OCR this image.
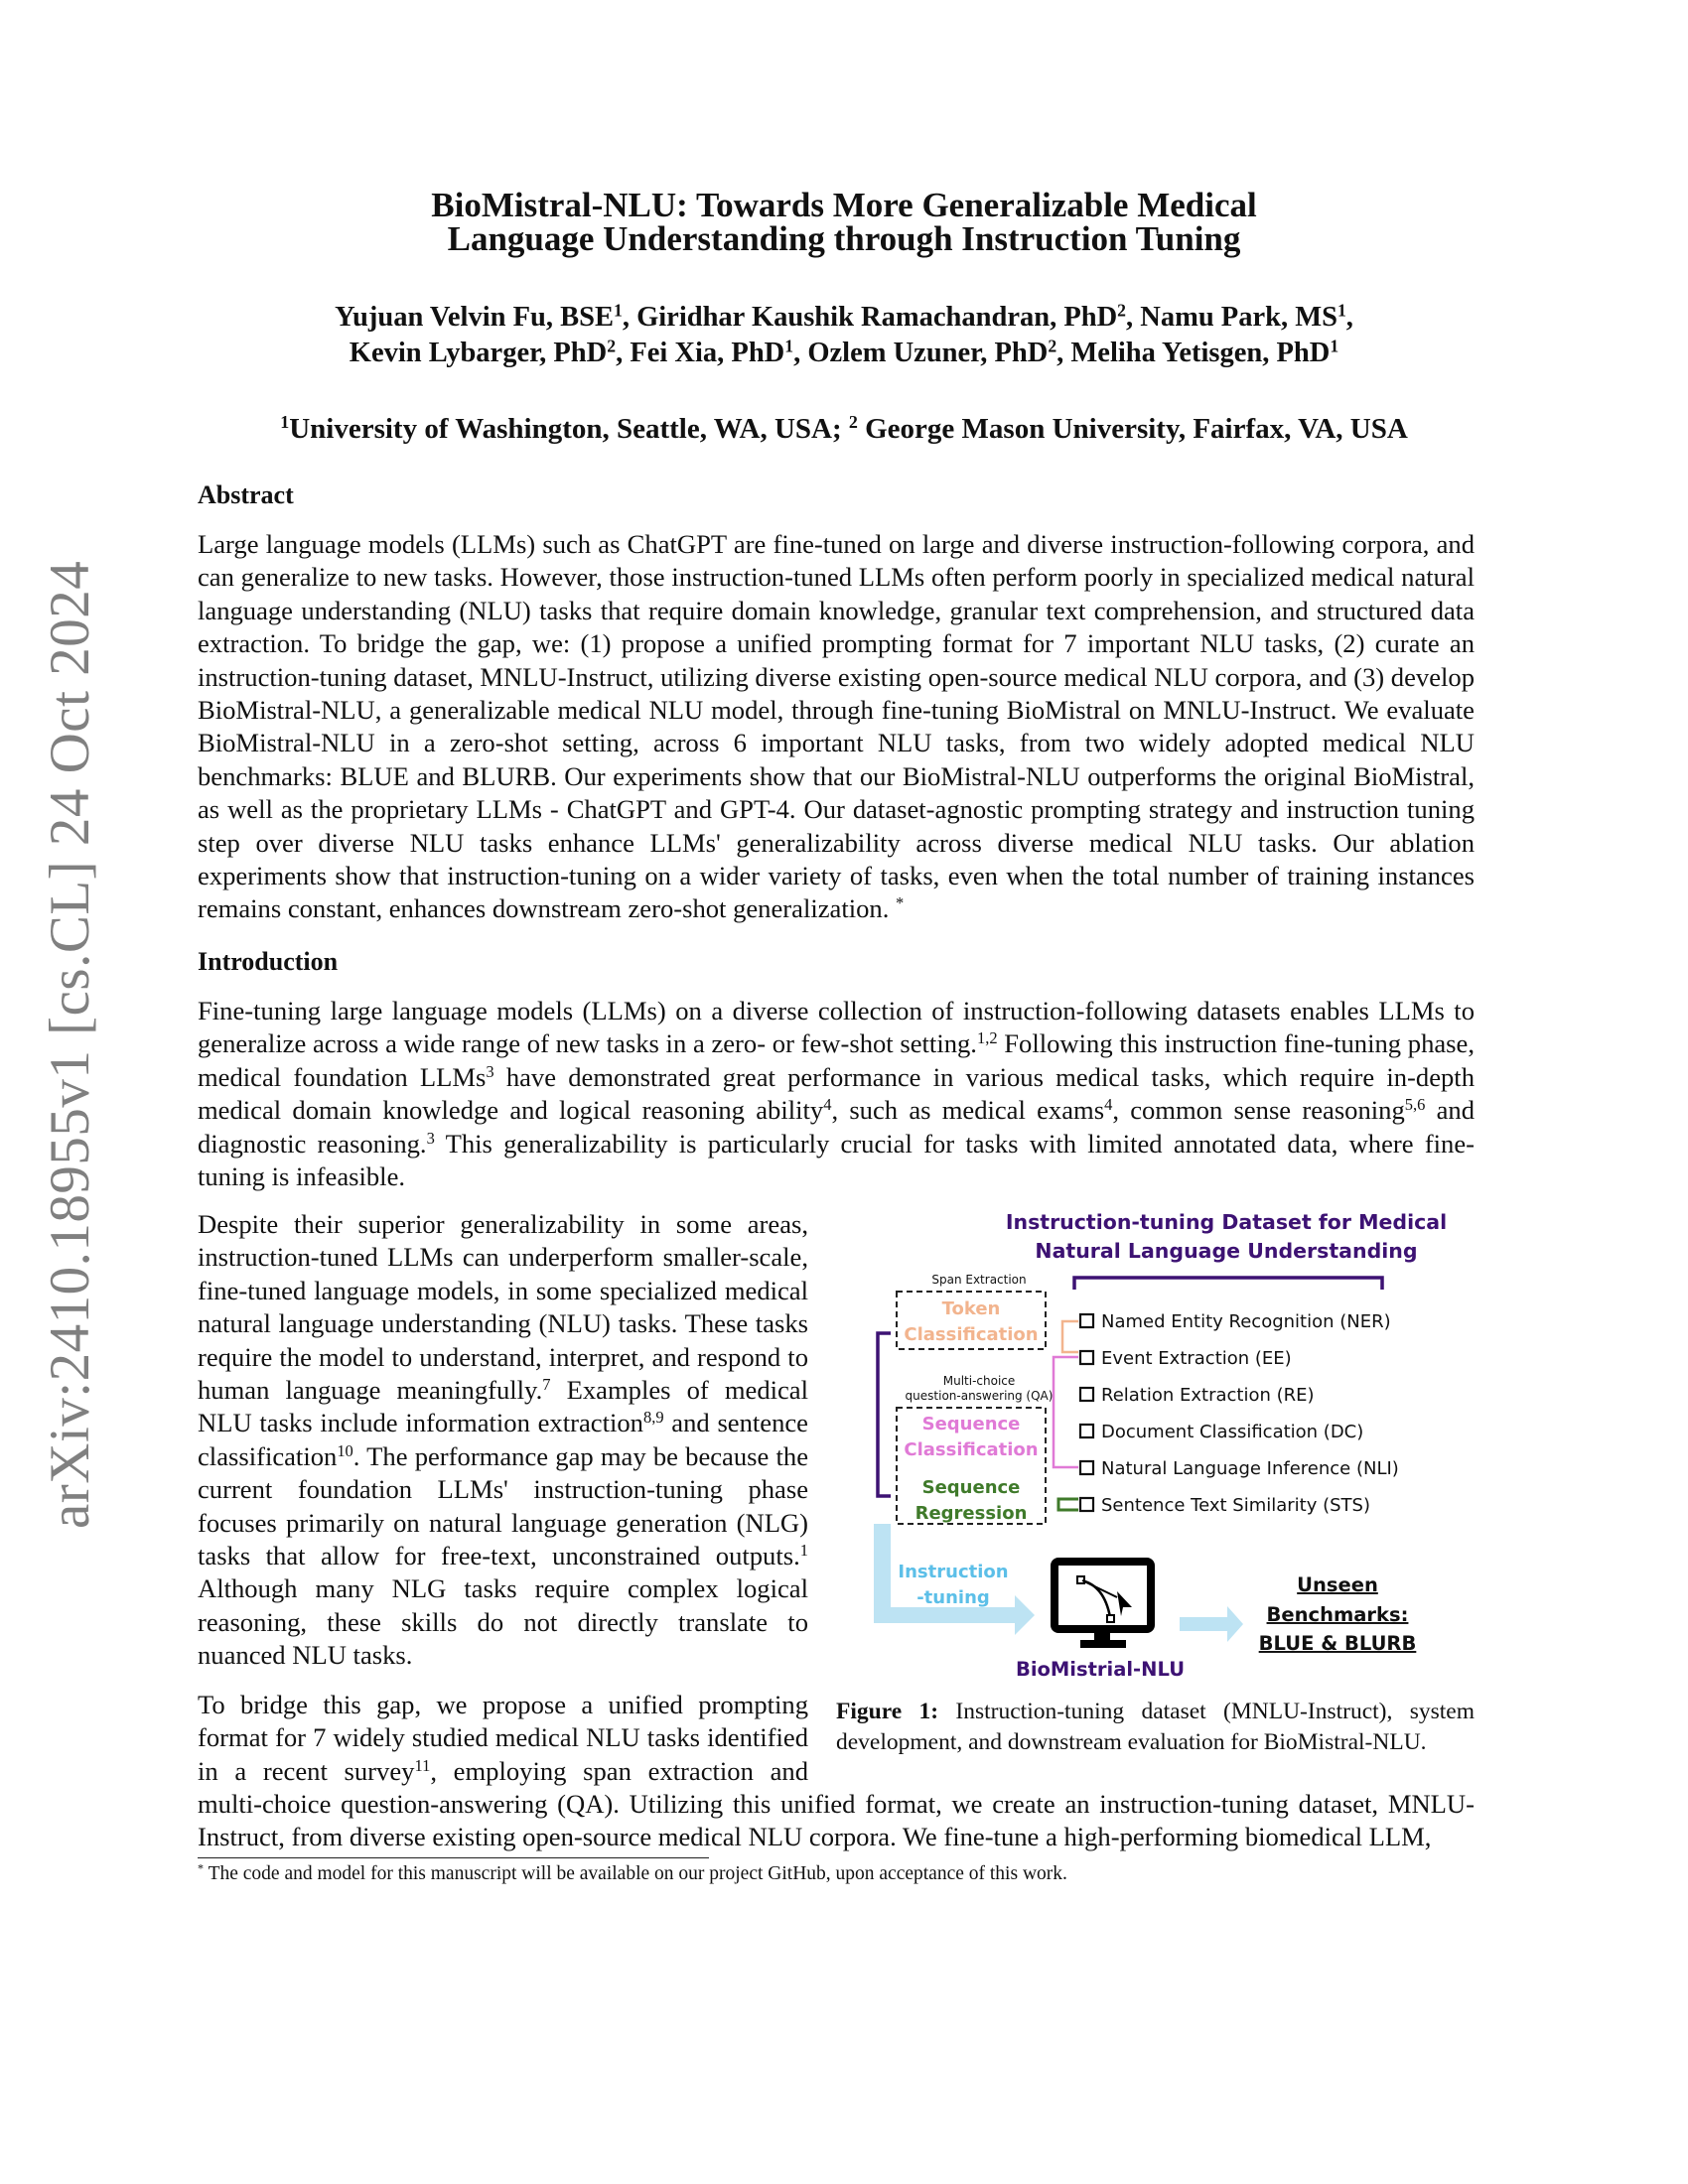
arXiv:2410.18955v1 [cs.CL] 24 Oct 2024
BioMistral-NLU: Towards More Generalizable Medical
Language Understanding through Instruction Tuning
Yujuan Velvin Fu, BSE$^1$, Giridhar Kaushik Ramachandran, PhD$^2$, Namu Park, $MS^1$,
Kevin Lybarger, PhD$^2$, Fei Xia, PhD$^1$, Ozlem Uzuner, PhD$^2$, Meliha Yetisgen, PhD$^1$
$^1$University of Washington, Seattle, WA, USA; $^2$ George Mason University, Fairfax, VA, USA
Abstract

Large language models (LLMs) such as ChatGPT are fine-tuned on large and diverse instruction-following corpora, and can generalize to new tasks. However, those instruction-tuned LLMs often perform poorly in specialized medical natural language understanding (NLU) tasks that require domain knowledge, granular text comprehension, and structured data extraction. To bridge the gap, we: (1) propose a unified prompting format for 7 important NLU tasks, (2) curate an instruction-tuning dataset, MNLU-Instruct, utilizing diverse existing open-source medical NLU corpora, and (3) develop BioMistral-NLU, a generalizable medical NLU model, through fine-tuning BioMistral on MNLU-Instruct. We evaluate BioMistral-NLU in a zero-shot setting, across 6 important NLU tasks, from two widely adopted medical NLU benchmarks: BLUE and BLURB. Our experiments show that our BioMistral-NLU outperforms the original BioMistral, as well as the proprietary LLMs - ChatGPT and GPT-4. Our dataset-agnostic prompting strategy and instruction tuning step over diverse NLU tasks enhance LLMs' generalizability across diverse medical NLU tasks. Our ablation experiments show that instruction-tuning on a wider variety of tasks, even when the total number of training instances remains constant, enhances downstream zero-shot generalization. *

Introduction

Fine-tuning large language models (LLMs) on a diverse collection of instruction-following datasets enables LLMs to generalize across a wide range of new tasks in a zero- or few-shot setting.$^{1,2}$ Following this instruction fine-tuning phase, medical foundation LLMs$^3$ have demonstrated great performance in various medical tasks, which require in-depth medical domain knowledge and logical reasoning ability$^4$, such as medical exams$^4$, common sense reasoning$^{5,6}$ and diagnostic reasoning.$^3$ This generalizability is particularly crucial for tasks with limited annotated data, where fine-tuning is infeasible.

Instruction-tuning Dataset for Medical
Natural Language Understanding
Span Extraction
Token
Classification
Multi-choice
question-answering (QA)
Sequence
Classification
Sequence
Regression
Named Entity Recognition (NER)
Event Extraction (EE)
Relation Extraction (RE)
Document Classification (DC)
Natural Language Inference (NLI)
Sentence Text Similarity (STS)
Instruction
-tuning
Unseen
Benchmarks:
BLUE & BLURB
BioMistrial-NLU
Figure 1: Instruction-tuning dataset (MNLU-Instruct), system development, and downstream evaluation for BioMistral-NLU.

Despite their superior generalizability in some areas, instruction-tuned LLMs can underperform smaller-scale, fine-tuned language models, in some specialized medical natural language understanding (NLU) tasks. These tasks require the model to understand, interpret, and respond to human language meaningfully.$^7$ Examples of medical NLU tasks include information extraction$^{8,9}$ and sentence classification$^{10}$. The performance gap may be because the current foundation LLMs' instruction-tuning phase focuses primarily on natural language generation (NLG) tasks that allow for free-text, unconstrained outputs.$^1$ Although many NLG tasks require complex logical reasoning, these skills do not directly translate to nuanced NLU tasks.

To bridge this gap, we propose a unified prompting format for 7 widely studied medical NLU tasks identified in a recent survey$^{11}$, employing span extraction and multi-choice question-answering (QA). Utilizing this unified format, we create an instruction-tuning dataset, MNLU-Instruct, from diverse existing open-source medical NLU corpora. We fine-tune a high-performing biomedical LLM,

* The code and model for this manuscript will be available on our project GitHub, upon acceptance of this work.
